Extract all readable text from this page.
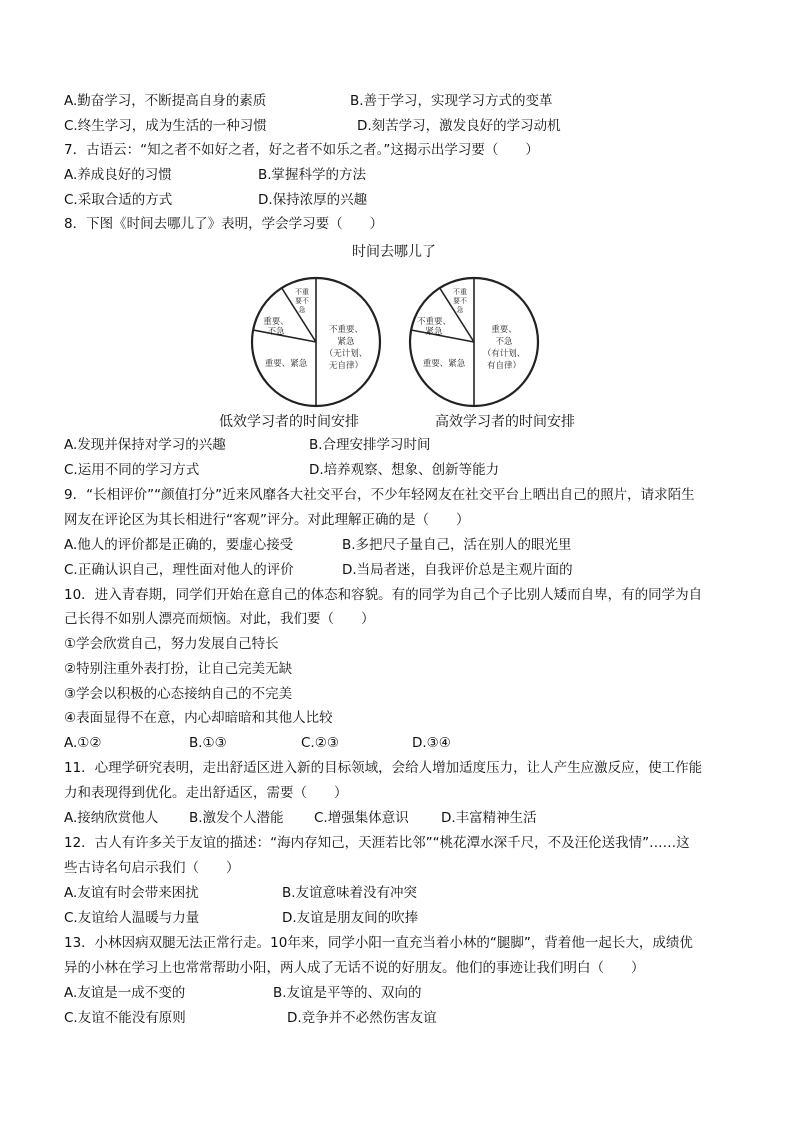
A.勤奋学习，不断提高自身的素质	B.善于学习，实现学习方式的变革
C.终生学习，成为生活的一种习惯	D.刻苦学习，激发良好的学习动机
7．古语云：“知之者不如好之者，好之者不如乐之者。”这揭示出学习要（　　）
A.养成良好的习惯	B.掌握科学的方法
C.采取合适的方式	D.保持浓厚的兴趣
8．下图《时间去哪儿了》表明，学会学习要（　　）
时间去哪儿了
不重要、
紧急
（无计划、
无自律）
重要、紧急
重要、
不急
不重
要不
急
重要、
不急
（有计划、
有自律）
重要、紧急
不重要、
紧急
不重
要不
急
低效学习者的时间安排	高效学习者的时间安排
A.发现并保持对学习的兴趣	B.合理安排学习时间
C.运用不同的学习方式	D.培养观察、想象、创新等能力
9．“长相评价”“颜值打分”近来风靡各大社交平台，不少年轻网友在社交平台上晒出自己的照片，请求陌生
网友在评论区为其长相进行“客观”评分。对此理解正确的是（　　）
A.他人的评价都是正确的，要虚心接受	B.多把尺子量自己，活在别人的眼光里
C.正确认识自己，理性面对他人的评价	D.当局者迷，自我评价总是主观片面的
10．进入青春期，同学们开始在意自己的体态和容貌。有的同学为自己个子比别人矮而自卑，有的同学为自
己长得不如别人漂亮而烦恼。对此，我们要（　　）
①学会欣赏自己，努力发展自己特长
②特别注重外表打扮，让自己完美无缺
③学会以积极的心态接纳自己的不完美
④表面显得不在意，内心却暗暗和其他人比较
A.①②	B.①③	C.②③	D.③④
11．心理学研究表明，走出舒适区进入新的目标领域，会给人增加适度压力，让人产生应激反应，使工作能
力和表现得到优化。走出舒适区，需要（　　）
A.接纳欣赏他人 B.激发个人潜能 C.增强集体意识 D.丰富精神生活
12．古人有许多关于友谊的描述：“海内存知己，天涯若比邻”“桃花潭水深千尺，不及汪伦送我情”……这
些古诗名句启示我们（　　）
A.友谊有时会带来困扰	B.友谊意味着没有冲突
C.友谊给人温暖与力量	D.友谊是朋友间的吹捧
13．小林因病双腿无法正常行走。10年来，同学小阳一直充当着小林的“腿脚”，背着他一起长大，成绩优
异的小林在学习上也常常帮助小阳，两人成了无话不说的好朋友。他们的事迹让我们明白（　　）
A.友谊是一成不变的	B.友谊是平等的、双向的
C.友谊不能没有原则	D.竞争并不必然伤害友谊
